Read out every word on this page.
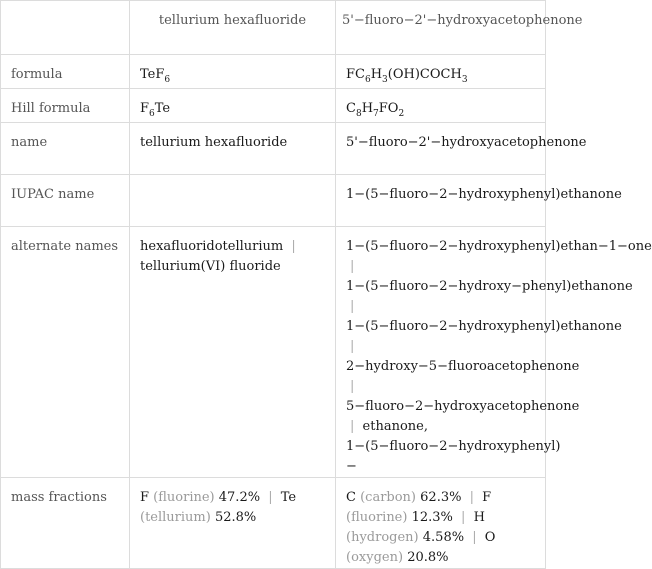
	tellurium hexafluoride	5'−fluoro−2'−hydroxyacetophenone
formula	TeF$_6$	$FC_6H_3(OH)COCH_3$
Hill formula	$F_6Te$	$C_8H_7FO_2$
name	tellurium hexafluoride	5'−fluoro−2'−hydroxyacetophenone
IUPAC name		1−(5−fluoro−2−hydroxyphenyl)ethanone
alternate names	hexafluoridotellurium | tellurium(VI) fluoride	1−(5−fluoro−2−hydroxyphenyl)ethan−1−one | 1−(5−fluoro−2−hydroxy−phenyl)ethanone | 1−(5−fluoro−2−hydroxyphenyl)ethanone | 2−hydroxy−5−fluoroacetophenone | 5−fluoro−2−hydroxyacetophenone | ethanone, 1−(5−fluoro−2−hydroxyphenyl)−
mass fractions	F (fluorine) 47.2% | Te (tellurium) 52.8%	C (carbon) 62.3% | F (fluorine) 12.3% | H (hydrogen) 4.58% | O (oxygen) 20.8%
